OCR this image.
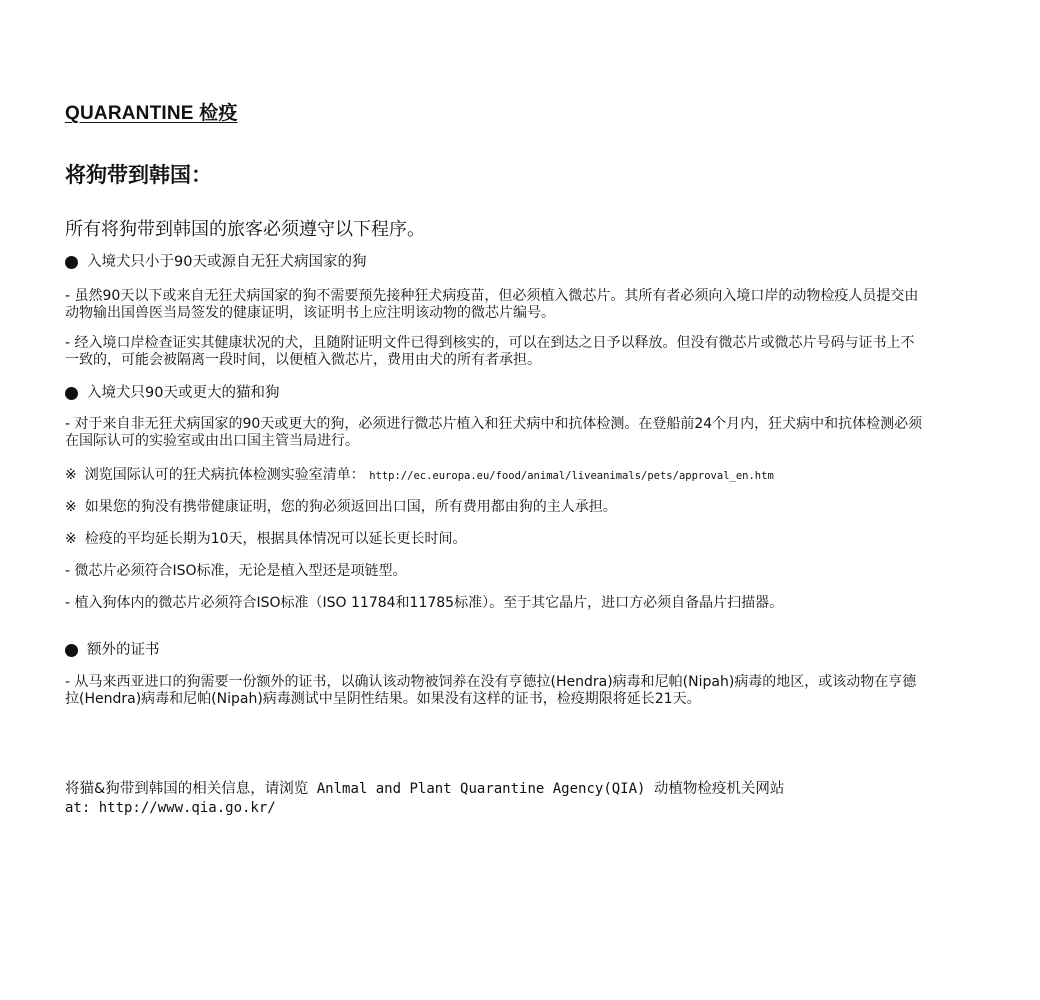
QUARANTINE 检疫
将狗带到韩国：

所有将狗带到韩国的旅客必须遵守以下程序。

入境犬只小于90天或源自无狂犬病国家的狗

- 虽然90天以下或来自无狂犬病国家的狗不需要预先接种狂犬病疫苗，但必须植入微芯片。其所有者必须向入境口岸的动物检疫人员提交由动物输出国兽医当局签发的健康证明，该证明书上应注明该动物的微芯片编号。

- 经入境口岸检查证实其健康状况的犬，且随附证明文件已得到核实的，可以在到达之日予以释放。但没有微芯片或微芯片号码与证书上不一致的，可能会被隔离一段时间，以便植入微芯片，费用由犬的所有者承担。

入境犬只90天或更大的猫和狗

- 对于来自非无狂犬病国家的90天或更大的狗，必须进行微芯片植入和狂犬病中和抗体检测。在登船前24个月内，狂犬病中和抗体检测必须在国际认可的实验室或由出口国主管当局进行。

※ 浏览国际认可的狂犬病抗体检测实验室清单： http://ec.europa.eu/food/animal/liveanimals/pets/approval_en.htm

※ 如果您的狗没有携带健康证明，您的狗必须返回出口国，所有费用都由狗的主人承担。

※ 检疫的平均延长期为10天，根据具体情况可以延长更长时间。

- 微芯片必须符合ISO标准，无论是植入型还是项链型。

- 植入狗体内的微芯片必须符合ISO标准（ISO 11784和11785标准）。至于其它晶片，进口方必须自备晶片扫描器。

额外的证书

- 从马来西亚进口的狗需要一份额外的证书，以确认该动物被饲养在没有亨德拉(Hendra)病毒和尼帕(Nipah)病毒的地区，或该动物在亨德拉(Hendra)病毒和尼帕(Nipah)病毒测试中呈阴性结果。如果没有这样的证书，检疫期限将延长21天。

将猫&狗带到韩国的相关信息，请浏览 Anlmal and Plant Quarantine Agency(QIA) 动植物检疫机关网站
at: http://www.qia.go.kr/
